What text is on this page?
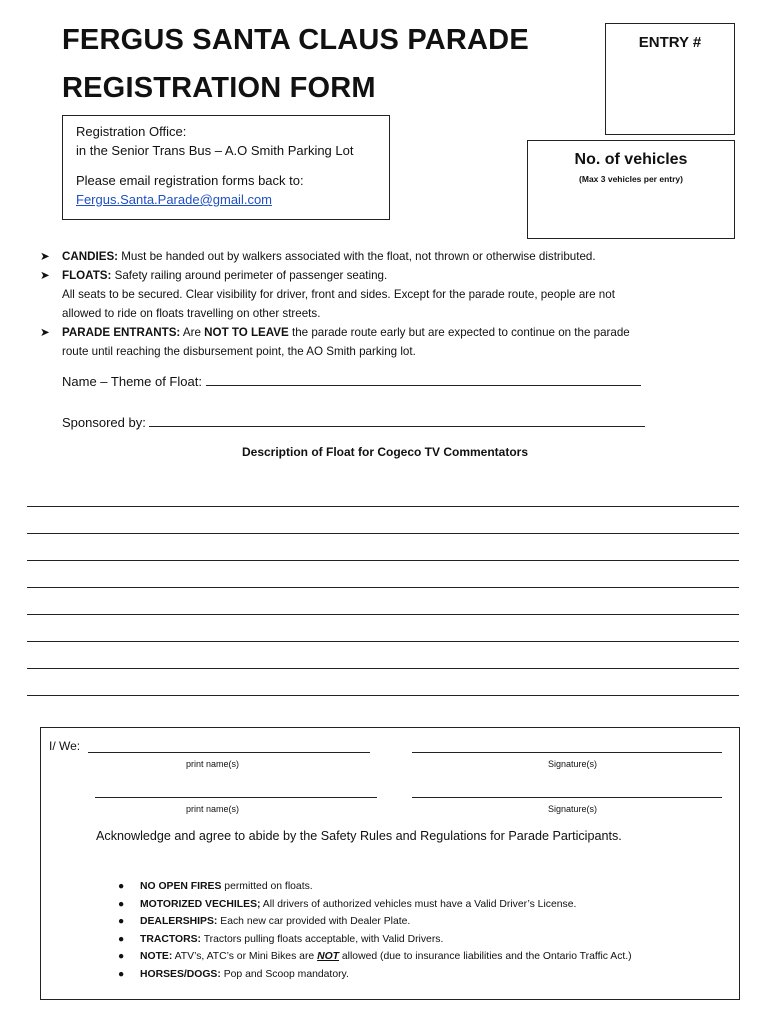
FERGUS SANTA CLAUS PARADE
REGISTRATION FORM
ENTRY #
Registration Office:
in the Senior Trans Bus – A.O Smith Parking Lot
Please email registration forms back to:
Fergus.Santa.Parade@gmail.com
No. of vehicles
(Max 3 vehicles per entry)
➤ CANDIES: Must be handed out by walkers associated with the float, not thrown or otherwise distributed.
➤ FLOATS: Safety railing around perimeter of passenger seating.
All seats to be secured. Clear visibility for driver, front and sides. Except for the parade route, people are not
allowed to ride on floats travelling on other streets.
➤ PARADE ENTRANTS: Are NOT TO LEAVE the parade route early but are expected to continue on the parade
route until reaching the disbursement point, the AO Smith parking lot.
Name – Theme of Float:
Sponsored by:
Description of Float for Cogeco TV Commentators
I/ We:
print name(s)	Signature(s)
print name(s)	Signature(s)
Acknowledge and agree to abide by the Safety Rules and Regulations for Parade Participants.
● NO OPEN FIRES permitted on floats.
● MOTORIZED VECHILES; All drivers of authorized vehicles must have a Valid Driver’s License.
● DEALERSHIPS: Each new car provided with Dealer Plate.
● TRACTORS: Tractors pulling floats acceptable, with Valid Drivers.
● NOTE: ATV’s, ATC’s or Mini Bikes are NOT allowed (due to insurance liabilities and the Ontario Traffic Act.)
● HORSES/DOGS: Pop and Scoop mandatory.
